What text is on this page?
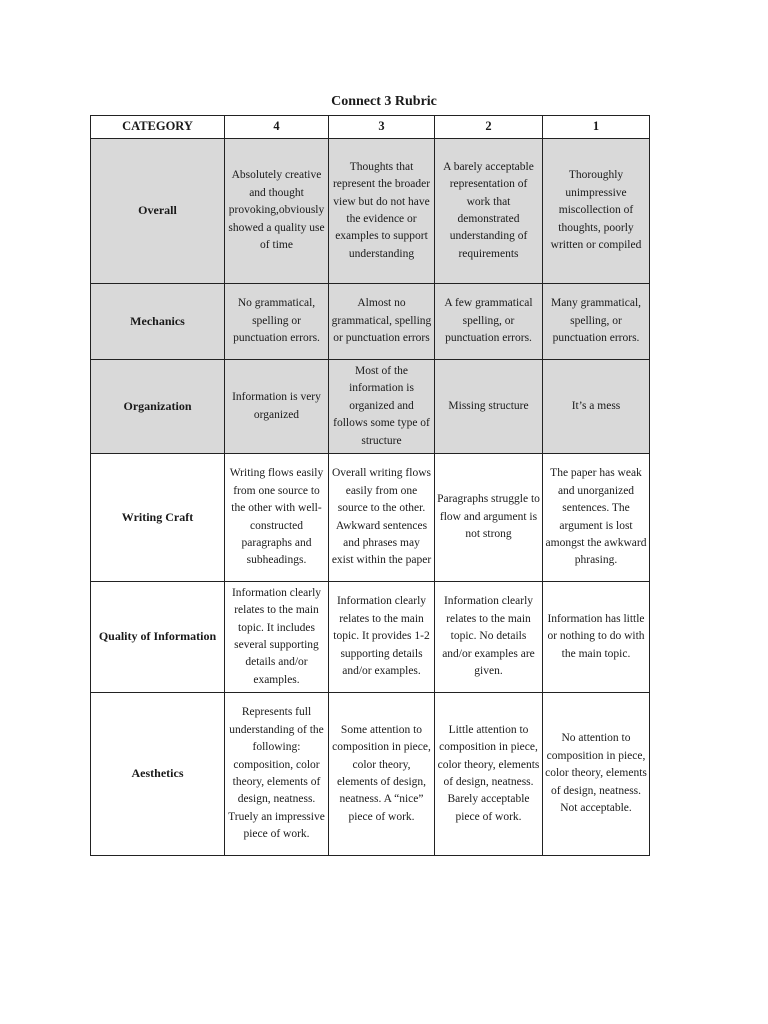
Connect 3 Rubric
CATEGORY	4	3	2	1
Overall	Absolutely creative and thought provoking,obviously showed a quality use of time	Thoughts that represent the broader view but do not have the evidence or examples to support understanding	A barely acceptable representation of work that demonstrated understanding of requirements	Thoroughly unimpressive miscollection of thoughts, poorly written or compiled
Mechanics	No grammatical, spelling or punctuation errors.	Almost no grammatical, spelling or punctuation errors	A few grammatical spelling, or punctuation errors.	Many grammatical, spelling, or punctuation errors.
Organization	Information is very organized	Most of the information is organized and follows some type of structure	Missing structure	It’s a mess
Writing Craft	Writing flows easily from one source to the other with well-constructed paragraphs and subheadings.	Overall writing flows easily from one source to the other. Awkward sentences and phrases may exist within the paper	Paragraphs struggle to flow and argument is not strong	The paper has weak and unorganized sentences. The argument is lost amongst the awkward phrasing.
Quality of Information	Information clearly relates to the main topic. It includes several supporting details and/or examples.	Information clearly relates to the main topic. It provides 1-2 supporting details and/or examples.	Information clearly relates to the main topic. No details and/or examples are given.	Information has little or nothing to do with the main topic.
Aesthetics	Represents full understanding of the following: composition, color theory, elements of design, neatness. Truely an impressive piece of work.	Some attention to composition in piece, color theory, elements of design, neatness. A “nice” piece of work.	Little attention to composition in piece, color theory, elements of design, neatness. Barely acceptable piece of work.	No attention to composition in piece, color theory, elements of design, neatness. Not acceptable.
